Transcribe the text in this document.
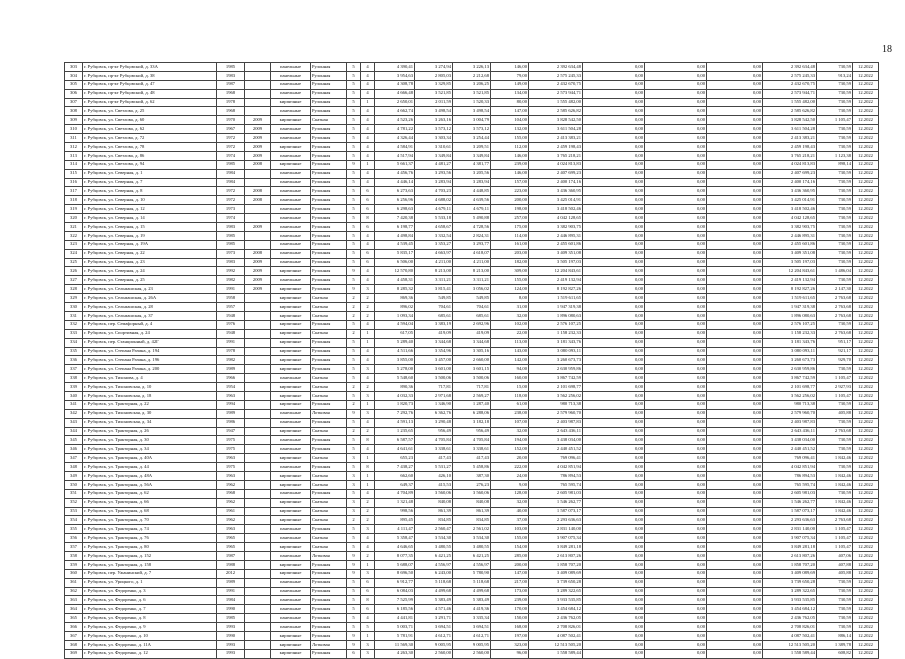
18
303	г. Рубцовск, пр-кт Рубцовский, д. 33А	1985		панельные	Рулонная	5	4	4 390,41	3 274,94	3 226,13	146,00	2 392 634,48	0,00	0,00	0,00	2 392 634,48	730,59	12.2022
304	г. Рубцовск, пр-кт Рубцовский, д. 38	1983		панельные	Рулонная	5	4	3 954,63	2 805,03	2 212,68	79,00	2 575 245,33	0,00	0,00	0,00	2 575 245,33	913,24	12.2022
305	г. Рубцовск, пр-кт Рубцовский, д. 47	1987		панельные	Рулонная	5	4	4 308,78	3 329,85	3 206,25	149,00	2 432 670,75	0,00	0,00	0,00	2 432 670,75	730,59	12.2022
306	г. Рубцовск, пр-кт Рубцовский, д. 48	1968		панельные	Рулонная	5	4	4 666,48	3 521,85	3 521,85	134,00	2 573 944,71	0,00	0,00	0,00	2 573 944,71	730,59	12.2022
307	г. Рубцовск, пр-кт Рубцовский, д. 62	1978		кирпичные	Рулонная	5	1	2 650,01	2 011,59	1 520,33	80,00	1 555 482,00	0,00	0,00	0,00	1 555 482,00	730,59	12.2022
308	г. Рубцовск, ул. Светлова, д. 25	1968		панельные	Рулонная	5	4	4 662,74	3 498,54	3 498,54	147,00	2 585 626,82	0,00	0,00	0,00	2 585 626,82	730,59	12.2022
309	г. Рубцовск, ул. Светлова, д. 60	1970	2009	кирпичные	Скатная	5	4	4 523,26	3 263,16	3 004,79	104,00	3 828 542,50	0,00	0,00	0,00	3 828 542,50	1 105,47	12.2022
310	г. Рубцовск, ул. Светлова, д. 62	1967	2009	панельные	Рулонная	5	4	4 781,22	3 573,12	3 573,12	132,00	3 611 504,28	0,00	0,00	0,00	3 611 504,28	730,59	12.2022
311	г. Рубцовск, ул. Светлова, д. 72	1972	2009	панельные	Рулонная	5	4	4 326,44	3 303,34	3 254,44	155,00	2 413 383,21	0,00	0,00	0,00	2 413 383,21	730,59	12.2022
312	г. Рубцовск, ул. Светлова, д. 78	1972	2009	кирпичные	Рулонная	5	4	4 584,91	3 310,61	3 209,51	112,00	2 459 198,43	0,00	0,00	0,00	2 459 198,43	730,59	12.2022
313	г. Рубцовск, ул. Светлова, д. 86	1974	2009	панельные	Рулонная	5	4	4 517,94	3 349,84	3 349,84	146,00	3 765 218,21	0,00	0,00	0,00	3 765 218,21	1 123,38	12.2022
314	г. Рубцовск, ул. Светлова, д. 94	1985	2008	кирпичные	Рулонная	9	1	5 661,37	4 481,27	4 381,77	239,00	4 024 813,83	0,00	0,00	0,00	4 024 813,83	898,14	12.2022
315	г. Рубцовск, ул. Северная, д. 1	1984		панельные	Рулонная	5	4	4 456,76	3 293,56	3 205,56	146,00	2 407 699,23	0,00	0,00	0,00	2 407 699,23	730,59	12.2022
316	г. Рубцовск, ул. Северная, д. 7	1984		панельные	Рулонная	5	4	4 446,14	3 283,94	3 283,94	157,00	2 400 174,16	0,00	0,00	0,00	2 400 174,16	730,59	12.2022
317	г. Рубцовск, ул. Северная, д. 8	1972	2008	панельные	Рулонная	5	6	6 273,63	4 703,23	4 448,85	223,00	3 436 360,95	0,00	0,00	0,00	3 436 360,95	730,59	12.2022
318	г. Рубцовск, ул. Северная, д. 10	1972	2008	панельные	Рулонная	5	6	6 256,96	4 688,02	4 639,56	200,00	3 425 014,91	0,00	0,00	0,00	3 425 014,91	730,59	12.2022
319	г. Рубцовск, ул. Северная, д. 12	1973		панельные	Рулонная	5	6	6 298,63	4 679,11	4 679,11	198,00	3 418 502,46	0,00	0,00	0,00	3 418 502,46	730,59	12.2022
320	г. Рубцовск, ул. Северная, д. 14	1974		панельные	Рулонная	5	8	7 420,38	5 533,18	5 490,88	257,00	4 042 128,65	0,00	0,00	0,00	4 042 128,65	730,59	12.2022
321	г. Рубцовск, ул. Северная, д. 15	1983	2009	панельные	Рулонная	5	6	6 198,77	4 658,67	4 728,56	175,00	3 382 903,75	0,00	0,00	0,00	3 382 903,75	730,59	12.2022
322	г. Рубцовск, ул. Северная, д. 19	1985		панельные	Рулонная	5	4	4 498,84	3 332,54	2 824,31	114,00	2 446 895,31	0,00	0,00	0,00	2 446 895,31	730,59	12.2022
323	г. Рубцовск, ул. Северная, д. 19А	1985		панельные	Рулонная	5	4	4 539,45	3 353,27	3 293,77	161,00	2 455 601,86	0,00	0,00	0,00	2 455 601,86	730,59	12.2022
324	г. Рубцовск, ул. Северная, д. 22	1973	2008	панельные	Рулонная	5	6	5 835,17	4 663,97	4 618,07	203,00	3 409 351,08	0,00	0,00	0,00	3 409 351,08	730,59	12.2022
325	г. Рубцовск, ул. Северная, д. 23	1983	2009	панельные	Рулонная	5	6	6 506,00	4 211,00	4 211,00	182,00	3 505 197,03	0,00	0,00	0,00	3 505 197,03	730,59	12.2022
326	г. Рубцовск, ул. Северная, д. 24	1992	2009	кирпичные	Рулонная	9	4	12 570,80	8 213,00	8 213,00	309,00	12 204 843,61	0,00	0,00	0,00	12 204 843,61	1 486,04	12.2022
327	г. Рубцовск, ул. Северная, д. 25	1982	2009	панельные	Рулонная	5	4	4 458,31	3 311,21	3 311,21	155,00	2 419 132,94	0,00	0,00	0,00	2 419 132,94	730,59	12.2022
328	г. Рубцовск, ул. Сельмашская, д. 23	1991	2009	кирпичные	Рулонная	9	3	8 285,32	3 815,41	3 056,02	124,00	8 192 827,26	0,00	0,00	0,00	8 192 827,26	2 147,30	12.2022
329	г. Рубцовск, ул. Сельмашская, д. 26А	1958		кирпичные	Скатная	2	2	869,36	549,85	549,85	8,00	1 519 611,65	0,00	0,00	0,00	1 519 611,65	2 763,68	12.2022
330	г. Рубцовск, ул. Сельмашская, д. 28	1957		кирпичные	Скатная	2	2	896,02	704,61	704,61	31,00	1 947 319,38	0,00	0,00	0,00	1 947 319,38	2 763,68	12.2022
331	г. Рубцовск, ул. Сельмашская, д. 37	1948		кирпичные	Скатная	2	2	1 093,34	685,61	685,61	32,00	1 896 080,63	0,00	0,00	0,00	1 896 080,63	2 763,68	12.2022
332	г. Рубцовск, пер. Семафорный, д. 4	1976		кирпичные	Рулонная	5	4	4 594,04	3 383,19	2 692,96	102,00	2 576 107,25	0,00	0,00	0,00	2 576 107,25	730,59	12.2022
333	г. Рубцовск, ул. Спортивная, д. 24	1948		кирпичные	Скатная	2	1	617,05	419,09	419,09	22,00	1 158 232,33	0,00	0,00	0,00	1 158 232,33	2 763,68	12.2022
334	г. Рубцовск, пер. Станционный, д. 42Г	1991		кирпичные	Рулонная	5	1	5 289,40	3 344,68	3 344,68	113,00	3 181 343,76	0,00	0,00	0,00	3 181 343,76	951,17	12.2022
335	г. Рубцовск, ул. Степана Разина, д. 194	1978		кирпичные	Рулонная	5	4	4 511,66	3 354,96	3 305,16	143,00	3 080 093,11	0,00	0,00	0,00	3 080 093,11	921,17	12.2022
336	г. Рубцовск, ул. Степана Разина, д. 196	1982		кирпичные	Рулонная	5	4	3 855,00	3 457,00	2 660,00	142,00	3 260 673,73	0,00	0,00	0,00	3 260 673,73	929,70	12.2022
337	г. Рубцовск, ул. Степана Разина, д. 200	1989		кирпичные	Рулонная	5	3	5 278,00	3 601,00	3 601,15	94,00	2 630 959,86	0,00	0,00	0,00	2 630 959,86	730,59	12.2022
338	г. Рубцовск, ул. Тихонова, д. 4	1966		панельные	Скатная	5	4	5 548,60	3 500,06	3 500,06	160,00	3 867 742,59	0,00	0,00	0,00	3 867 742,59	1 105,47	12.2022
339	г. Рубцовск, ул. Тихоновская, д. 10	1954		кирпичные	Скатная	2	2	890,36	717,81	717,81	15,00	2 101 698,77	0,00	0,00	0,00	2 101 698,77	2 927,93	12.2022
340	г. Рубцовск, ул. Тихоновская, д. 18	1963		кирпичные	Скатная	5	3	4 032,33	2 971,68	2 569,27	118,00	3 562 256,02	0,00	0,00	0,00	3 562 256,02	1 105,47	12.2022
341	г. Рубцовск, ул. Тракторная, д. 22	1994		кирпичные	Рулонная	2	1	1 820,73	1 346,90	1 287,40	61,00	980 713,38	0,00	0,00	0,00	980 713,38	730,59	12.2022
342	г. Рубцовск, ул. Тихоновская, д. 30	1989		панельные	Лотковая	9	3	7 292,76	6 362,76	6 288,06	238,00	2 579 960,70	0,00	0,00	0,00	2 579 960,70	405,88	12.2022
343	г. Рубцовск, ул. Тихоновская, д. 34	1986		панельные	Рулонная	5	4	4 591,13	3 290,48	3 182,18	107,00	2 403 987,83	0,00	0,00	0,00	2 403 987,83	730,59	12.2022
344	г. Рубцовск, ул. Тракторная, д. 26	1947		кирпичные	Скатная	2	2	1 235,65	956,49	956,49	32,00	2 643 436,11	0,00	0,00	0,00	2 643 436,11	2 763,68	12.2022
345	г. Рубцовск, ул. Тракторная, д. 30	1975		панельные	Рулонная	5	8	6 587,57	4 705,84	4 705,84	194,00	3 438 034,00	0,00	0,00	0,00	3 438 034,00	730,59	12.2022
346	г. Рубцовск, ул. Тракторная, д. 34	1975		панельные	Рулонная	5	4	4 641,61	3 338,61	3 338,61	152,00	2 440 451,52	0,00	0,00	0,00	2 440 451,52	730,59	12.2022
347	г. Рубцовск, ул. Тракторная, д. 40А	1963		кирпичные	Скатная	3	1	655,23	417,43	417,43	20,00	769 096,41	0,00	0,00	0,00	769 096,41	1 842,46	12.2022
348	г. Рубцовск, ул. Тракторная, д. 44	1975		панельные	Рулонная	5	8	7 438,27	5 531,27	5 458,86	222,00	4 042 851,94	0,00	0,00	0,00	4 042 851,94	730,59	12.2022
349	г. Рубцовск, ул. Тракторная, д. 48А	1963		кирпичные	Скатная	3	1	662,60	426,10	387,30	24,00	786 894,53	0,00	0,00	0,00	786 894,53	1 842,46	12.2022
350	г. Рубцовск, ул. Тракторная, д. 56А	1962		кирпичные	Скатная	3	1	649,37	415,53	276,23	9,00	765 595,74	0,00	0,00	0,00	765 595,74	1 842,46	12.2022
351	г. Рубцовск, ул. Тракторная, д. 62	1968		панельные	Рулонная	5	4	4 704,89	3 560,06	3 560,06	128,00	2 605 981,03	0,00	0,00	0,00	2 605 981,03	730,59	12.2022
352	г. Рубцовск, ул. Тракторная, д. 66	1962		кирпичные	Скатная	3	2	1 321,48	840,08	840,08	32,00	1 546 262,77	0,00	0,00	0,00	1 546 262,77	1 842,46	12.2022
353	г. Рубцовск, ул. Тракторная, д. 68	1961		кирпичные	Скатная	3	2	998,56	861,39	861,39	40,00	1 587 073,17	0,00	0,00	0,00	1 587 073,17	1 842,46	12.2022
354	г. Рубцовск, ул. Тракторная, д. 70	1962		кирпичные	Скатная	2	2	895,45	834,85	834,85	37,00	2 293 636,63	0,00	0,00	0,00	2 293 636,63	2 763,68	12.2022
355	г. Рубцовск, ул. Тракторная, д. 74	1963		панельные	Рулонная	5	3	4 111,47	2 560,47	2 561,02	103,00	2 831 140,00	0,00	0,00	0,00	2 831 140,00	1 105,47	12.2022
356	г. Рубцовск, ул. Тракторная, д. 76	1965		панельные	Скатная	5	4	5 358,47	3 534,30	3 534,30	155,00	3 907 075,34	0,00	0,00	0,00	3 907 075,34	1 105,47	12.2022
357	г. Рубцовск, ул. Тракторная, д. 80	1965		кирпичные	Скатная	5	4	4 646,65	3 480,55	3 480,55	154,00	3 849 281,18	0,00	0,00	0,00	3 849 281,18	1 105,47	12.2022
358	г. Рубцовск, ул. Тракторная, д. 152	1987		панельные	Лотковая	9	2	8 077,35	6 421,25	6 421,25	285,00	2 613 807,26	0,00	0,00	0,00	2 613 807,26	407,06	12.2022
359	г. Рубцовск, ул. Тракторная, д. 158	1988		кирпичные	Рулонная	9	1	5 688,07	4 556,97	4 556,97	200,00	1 858 707,20	0,00	0,00	0,00	1 858 707,20	407,88	12.2022
360	г. Рубцовск, пер. Ужанинский, д. 7	2012		кирпичные	Рулонная	9	3	8 696,50	6 243,00	5 780,90	147,00	3 409 089,69	0,00	0,00	0,00	3 409 089,69	405,88	12.2022
361	г. Рубцовск, ул. Урицкого, д. 1	1989		панельные	Рулонная	5	6	6 912,77	5 118,68	5 118,68	217,00	3 739 650,28	0,00	0,00	0,00	3 739 650,28	730,59	12.2022
362	г. Рубцовск, ул. Федоренко, д. 3	1991		панельные	Рулонная	5	6	6 084,03	4 499,68	4 499,68	173,00	3 289 322,65	0,00	0,00	0,00	3 289 322,65	730,59	12.2022
363	г. Рубцовск, ул. Федоренко, д. 6	1984		панельные	Рулонная	5	8	7 525,99	5 383,49	5 383,49	239,00	3 933 535,85	0,00	0,00	0,00	3 933 535,85	730,59	12.2022
364	г. Рубцовск, ул. Федоренко, д. 7	1990		панельные	Рулонная	5	6	6 185,56	4 571,46	4 419,36	170,00	3 454 684,12	0,00	0,00	0,00	3 454 684,12	730,59	12.2022
365	г. Рубцовск, ул. Федоренко, д. 8	1985		панельные	Рулонная	5	4	4 441,81	3 291,71	3 335,34	150,00	2 436 762,05	0,00	0,00	0,00	2 436 762,05	730,59	12.2022
366	г. Рубцовск, ул. Федоренко, д. 9	1993		панельные	Рулонная	5	5	5 003,71	3 694,51	3 694,51	168,00	2 708 826,01	0,00	0,00	0,00	2 708 826,01	730,59	12.2022
367	г. Рубцовск, ул. Федоренко, д. 10	1990		кирпичные	Рулонная	9	1	5 781,91	4 612,71	4 612,71	197,00	4 087 502,41	0,00	0,00	0,00	4 087 502,41	886,14	12.2022
368	г. Рубцовск, ул. Федоренко, д. 11А	1993		кирпичные	Лотковая	9	3	11 569,30	9 005,95	9 005,95	323,00	12 513 505,20	0,00	0,00	0,00	12 513 505,20	1 389,78	12.2022
369	г. Рубцовск, ул. Федоренко, д. 12	1993		кирпичные	Рулонная	6	3	4 263,30	2 560,00	2 560,00	96,00	1 558 589,44	0,00	0,00	0,00	1 558 589,44	608,82	12.2022
